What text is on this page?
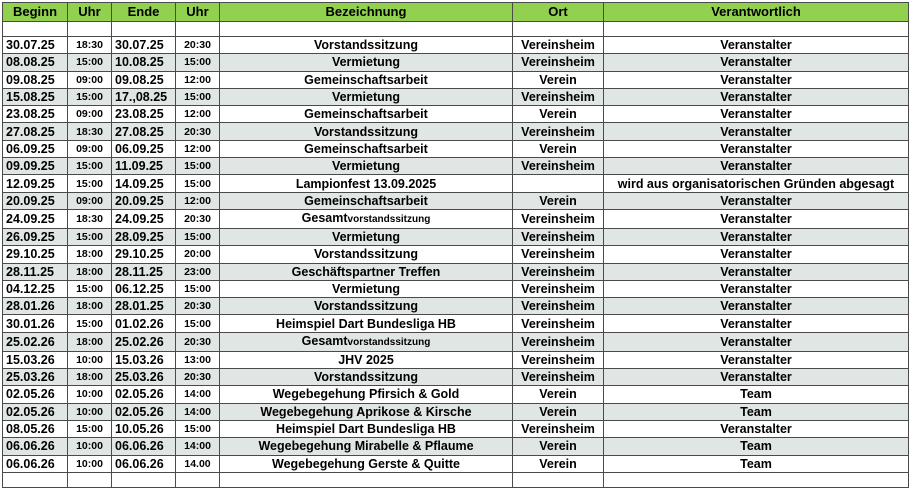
Beginn	Uhr	Ende	Uhr	Bezeichnung	Ort	Verantwortlich

30.07.25	18:30	30.07.25	20:30	Vorstandssitzung	Vereinsheim	Veranstalter
08.08.25	15:00	10.08.25	15:00	Vermietung	Vereinsheim	Veranstalter
09.08.25	09:00	09.08.25	12:00	Gemeinschaftsarbeit	Verein	Veranstalter
15.08.25	15:00	17.,08.25	15:00	Vermietung	Vereinsheim	Veranstalter
23.08.25	09:00	23.08.25	12:00	Gemeinschaftsarbeit	Verein	Veranstalter
27.08.25	18:30	27.08.25	20:30	Vorstandssitzung	Vereinsheim	Veranstalter
06.09.25	09:00	06.09.25	12:00	Gemeinschaftsarbeit	Verein	Veranstalter
09.09.25	15:00	11.09.25	15:00	Vermietung	Vereinsheim	Veranstalter
12.09.25	15:00	14.09.25	15:00	Lampionfest 13.09.2025		wird aus organisatorischen Gründen abgesagt
20.09.25	09:00	20.09.25	12:00	Gemeinschaftsarbeit	Verein	Veranstalter
24.09.25	18:30	24.09.25	20:30	Gesamtvorstandssitzung	Vereinsheim	Veranstalter
26.09.25	15:00	28.09.25	15:00	Vermietung	Vereinsheim	Veranstalter
29.10.25	18:00	29.10.25	20:00	Vorstandssitzung	Vereinsheim	Veranstalter
28.11.25	18:00	28.11.25	23:00	Geschäftspartner Treffen	Vereinsheim	Veranstalter
04.12.25	15:00	06.12.25	15:00	Vermietung	Vereinsheim	Veranstalter
28.01.26	18:00	28.01.25	20:30	Vorstandssitzung	Vereinsheim	Veranstalter
30.01.26	15:00	01.02.26	15:00	Heimspiel Dart Bundesliga HB	Vereinsheim	Veranstalter
25.02.26	18:00	25.02.26	20:30	Gesamtvorstandssitzung	Vereinsheim	Veranstalter
15.03.26	10:00	15.03.26	13:00	JHV 2025	Vereinsheim	Veranstalter
25.03.26	18:00	25.03.26	20:30	Vorstandssitzung	Vereinsheim	Veranstalter
02.05.26	10:00	02.05.26	14:00	Wegebegehung Pfirsich & Gold	Verein	Team
02.05.26	10:00	02.05.26	14:00	Wegebegehung Aprikose & Kirsche	Verein	Team
08.05.26	15:00	10.05.26	15:00	Heimspiel Dart Bundesliga HB	Vereinsheim	Veranstalter
06.06.26	10:00	06.06.26	14:00	Wegebegehung Mirabelle & Pflaume	Verein	Team
06.06.26	10:00	06.06.26	14.00	Wegebegehung Gerste & Quitte	Verein	Team
